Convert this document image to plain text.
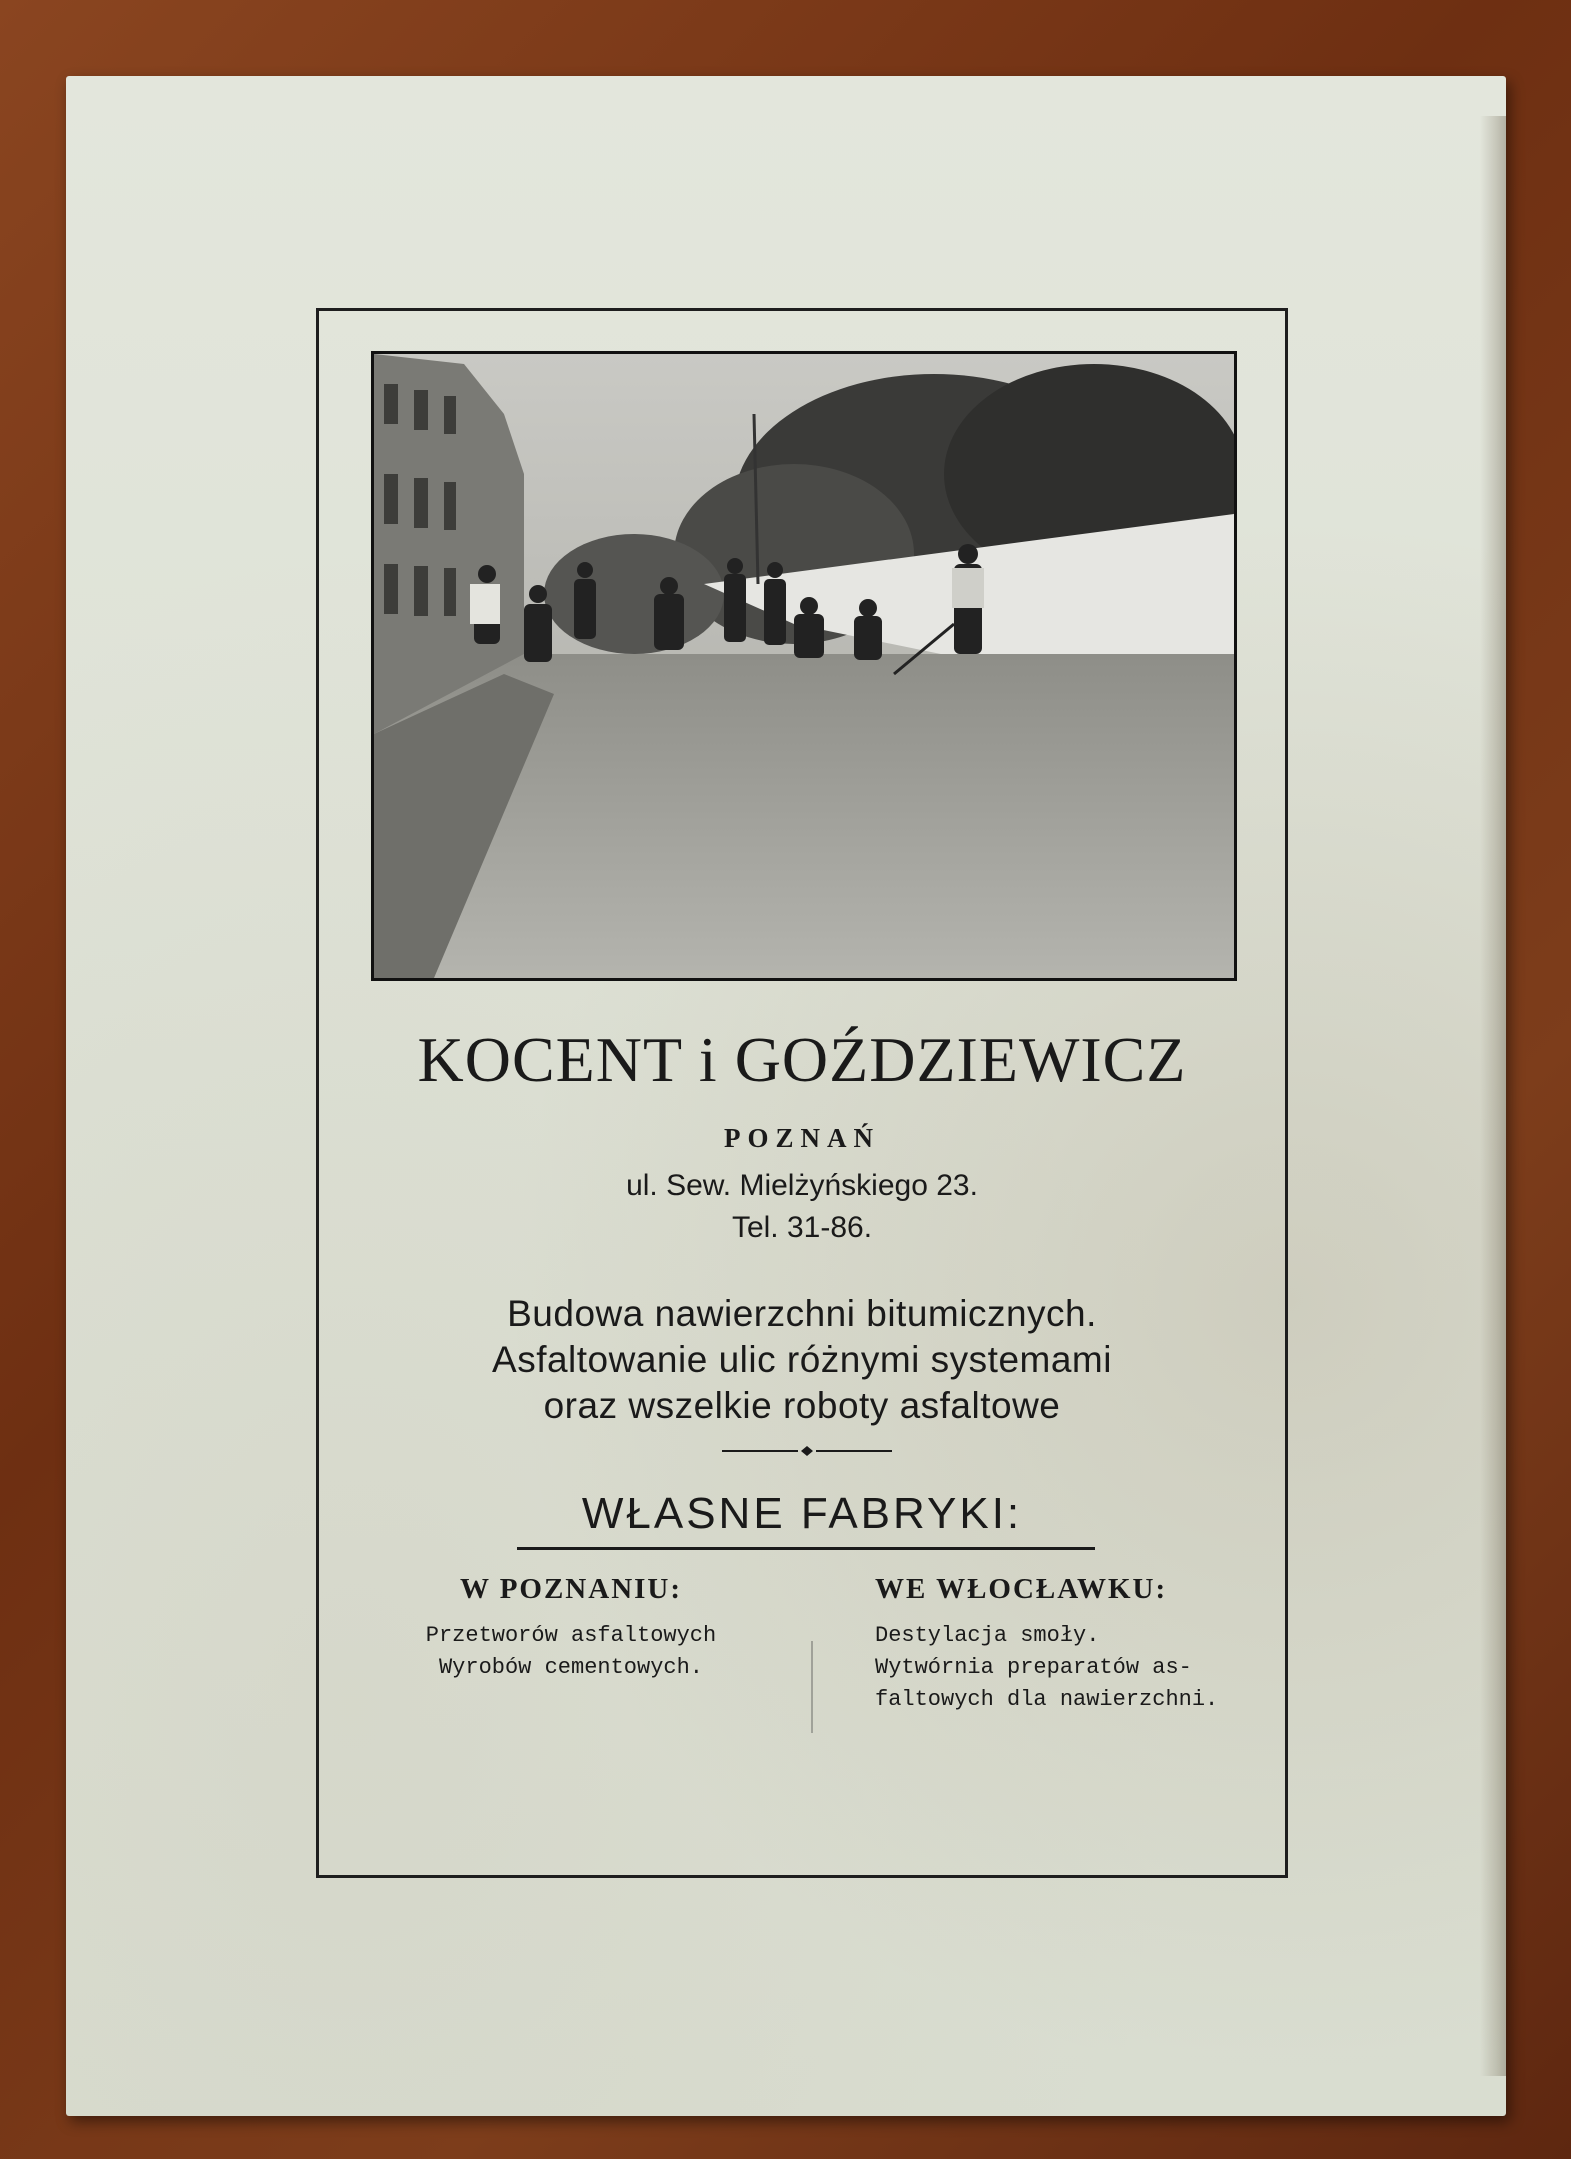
KOCENT i GOŹDZIEWICZ
POZNAŃ
ul. Sew. Mielżyńskiego 23.
Tel. 31-86.
Budowa nawierzchni bitumicznych.
Asfaltowanie ulic różnymi systemami
oraz wszelkie roboty asfaltowe
WŁASNE FABRYKI:
W POZNANIU:
Przetworów asfaltowych
Wyrobów cementowych.
WE WŁOCŁAWKU:
Destylacja smoły.
Wytwórnia preparatów as-
faltowych dla nawierzchni.
